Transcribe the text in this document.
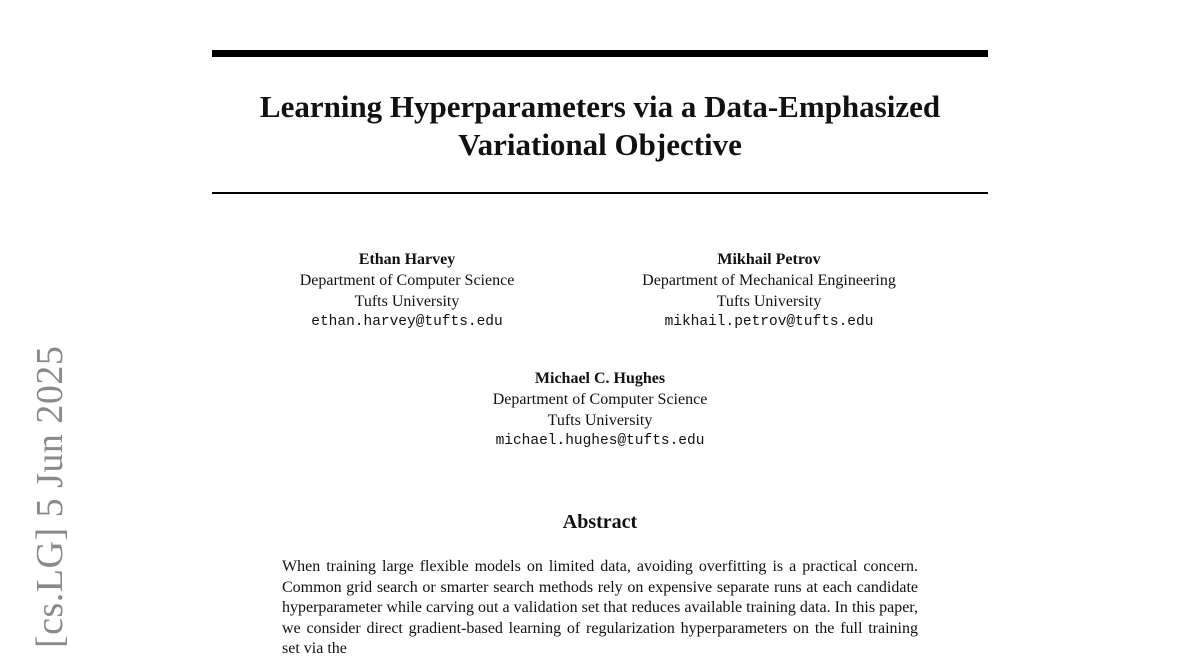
[cs.LG] 5 Jun 2025
Learning Hyperparameters via a Data-Emphasized
Variational Objective
Ethan Harvey
Department of Computer Science
Tufts University
ethan.harvey@tufts.edu
Mikhail Petrov
Department of Mechanical Engineering
Tufts University
mikhail.petrov@tufts.edu
Michael C. Hughes
Department of Computer Science
Tufts University
michael.hughes@tufts.edu
Abstract

When training large flexible models on limited data, avoiding overfitting is a practical concern. Common grid search or smarter search methods rely on expensive separate runs at each candidate hyperparameter while carving out a validation set that reduces available training data. In this paper, we consider direct gradient-based learning of regularization hyperparameters on the full training set via the
